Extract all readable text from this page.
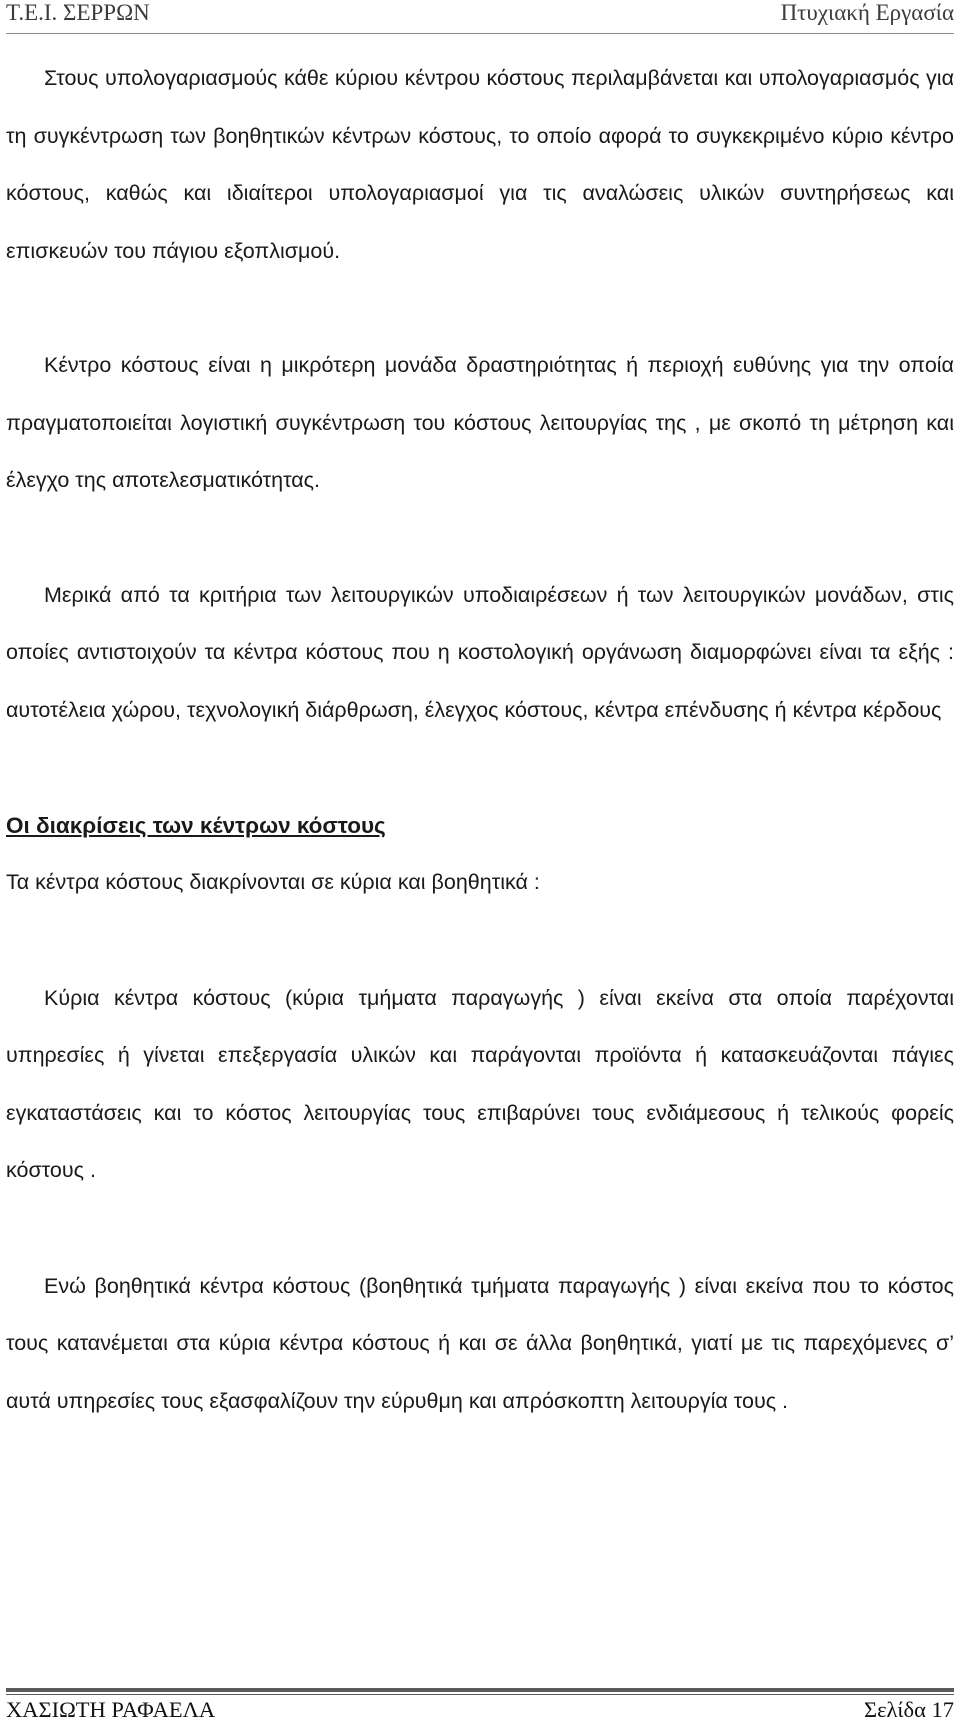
Τ.Ε.Ι. ΣΕΡΡΩΝ	Πτυχιακή Εργασία

Στους υπολογαριασμούς κάθε κύριου κέντρου κόστους περιλαμβάνεται και υπολογαριασμός για τη συγκέντρωση των βοηθητικών κέντρων κόστους, το οποίο αφορά το συγκεκριμένο κύριο κέντρο κόστους, καθώς και ιδιαίτεροι υπολογαριασμοί για τις αναλώσεις υλικών συντηρήσεως και επισκευών του πάγιου εξοπλισμού.

Κέντρο κόστους είναι η μικρότερη μονάδα δραστηριότητας ή περιοχή ευθύνης για την οποία πραγματοποιείται λογιστική συγκέντρωση του κόστους λειτουργίας της , με σκοπό τη μέτρηση και έλεγχο της αποτελεσματικότητας.

Μερικά από τα κριτήρια των λειτουργικών υποδιαιρέσεων ή των λειτουργικών μονάδων, στις οποίες αντιστοιχούν τα κέντρα κόστους που η κοστολογική οργάνωση διαμορφώνει είναι τα εξής : αυτοτέλεια χώρου, τεχνολογική διάρθρωση, έλεγχος κόστους, κέντρα επένδυσης ή κέντρα κέρδους

Οι διακρίσεις των κέντρων κόστους

Τα κέντρα κόστους διακρίνονται σε κύρια και βοηθητικά :

Κύρια κέντρα κόστους (κύρια τμήματα παραγωγής ) είναι εκείνα στα οποία παρέχονται υπηρεσίες ή γίνεται επεξεργασία υλικών και παράγονται προϊόντα ή κατασκευάζονται πάγιες εγκαταστάσεις και το κόστος λειτουργίας τους επιβαρύνει τους ενδιάμεσους ή τελικούς φορείς κόστους .

Ενώ βοηθητικά κέντρα κόστους (βοηθητικά τμήματα παραγωγής ) είναι εκείνα που το κόστος τους κατανέμεται στα κύρια κέντρα κόστους ή και σε άλλα βοηθητικά, γιατί με τις παρεχόμενες σ’ αυτά υπηρεσίες τους εξασφαλίζουν την εύρυθμη και απρόσκοπτη λειτουργία τους .

ΧΑΣΙΩΤΗ ΡΑΦΑΕΛΑ	Σελίδα 17
